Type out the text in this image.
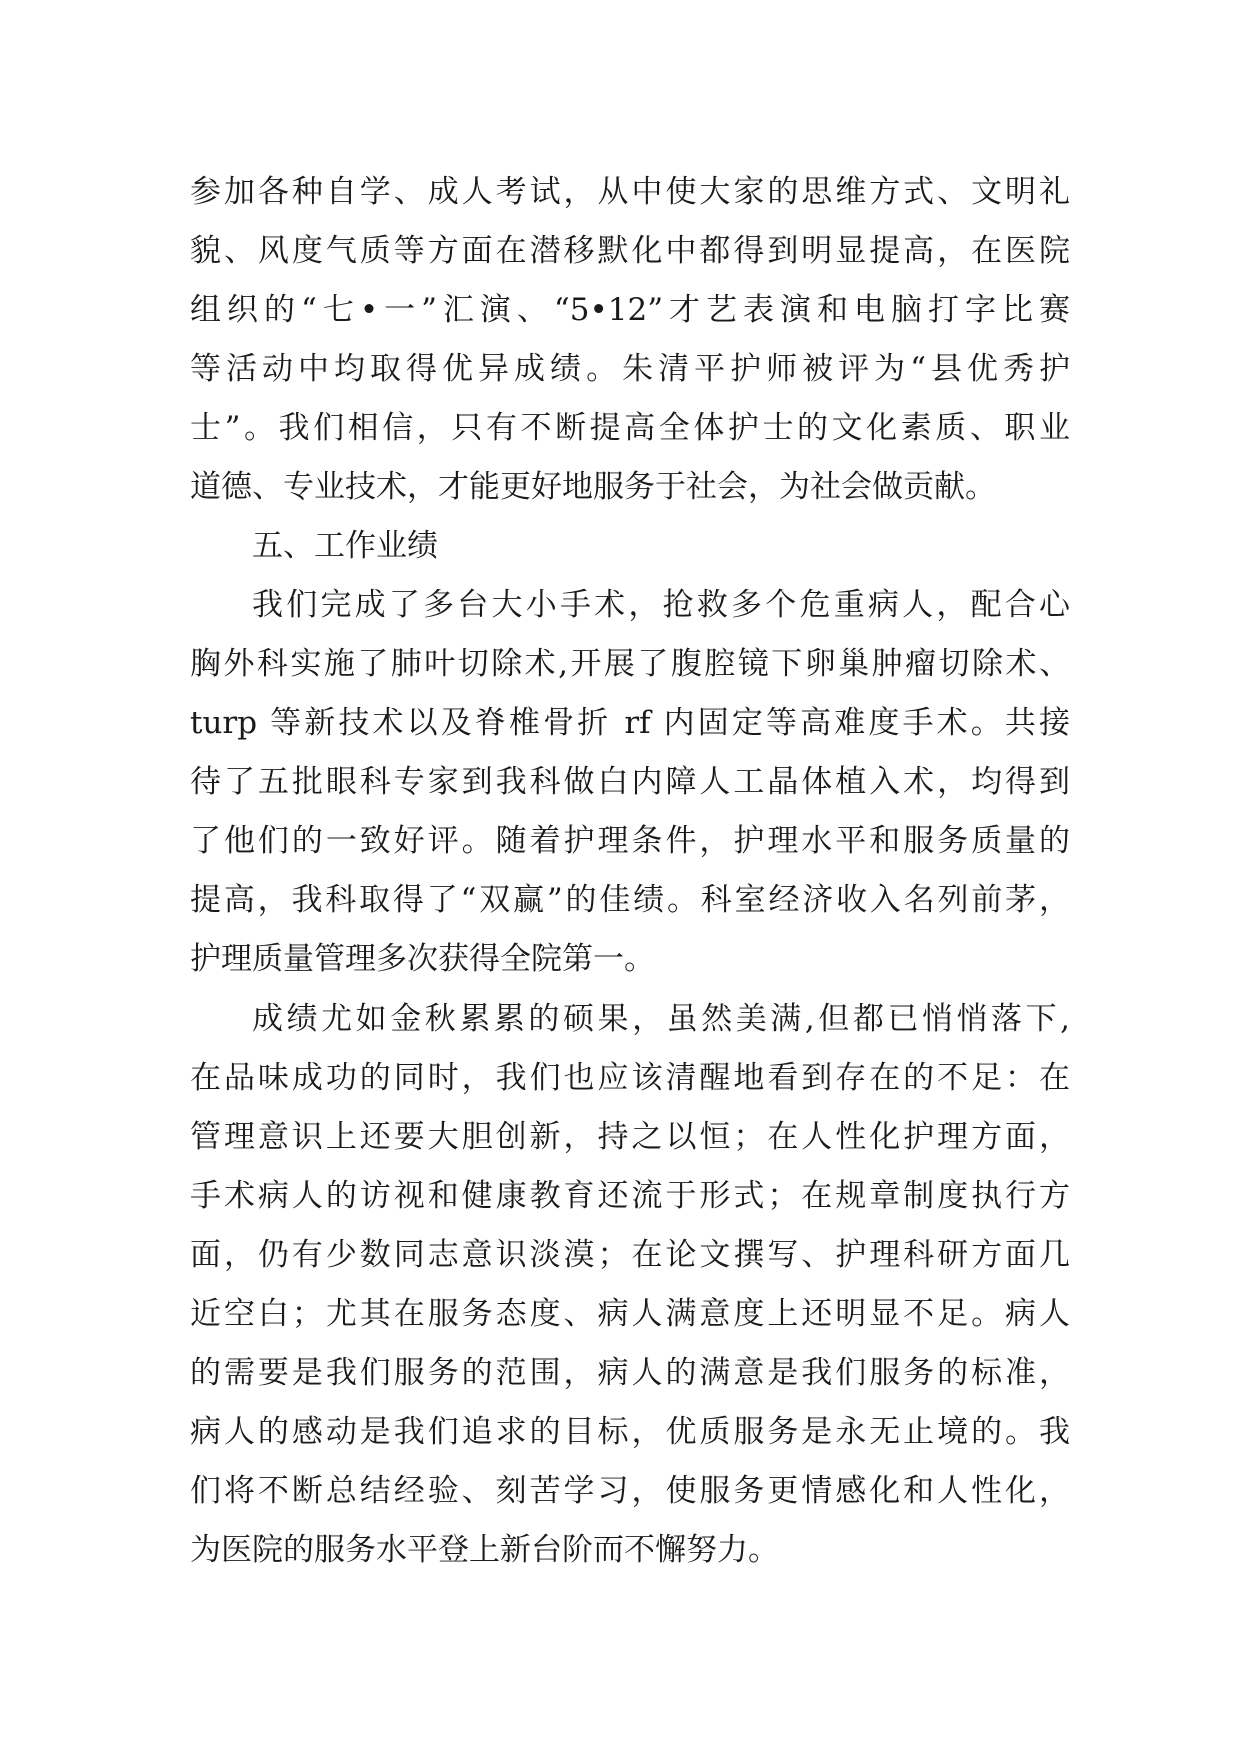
参加各种自学、成人考试，从中使大家的思维方式、文明礼
貌、风度气质等方面在潜移默化中都得到明显提高，在医院
组织的“七•一”汇演、“5•12”才艺表演和电脑打字比赛
等活动中均取得优异成绩。朱清平护师被评为“县优秀护
士”。我们相信，只有不断提高全体护士的文化素质、职业
道德、专业技术，才能更好地服务于社会，为社会做贡献。
五、工作业绩
我们完成了多台大小手术，抢救多个危重病人，配合心
胸外科实施了肺叶切除术,开展了腹腔镜下卵巢肿瘤切除术、
turp 等新技术以及脊椎骨折 rf 内固定等高难度手术。共接
待了五批眼科专家到我科做白内障人工晶体植入术，均得到
了他们的一致好评。随着护理条件，护理水平和服务质量的
提高，我科取得了“双赢”的佳绩。科室经济收入名列前茅，
护理质量管理多次获得全院第一。
成绩尤如金秋累累的硕果，虽然美满,但都已悄悄落下,
在品味成功的同时，我们也应该清醒地看到存在的不足：在
管理意识上还要大胆创新，持之以恒；在人性化护理方面，
手术病人的访视和健康教育还流于形式；在规章制度执行方
面，仍有少数同志意识淡漠；在论文撰写、护理科研方面几
近空白；尤其在服务态度、病人满意度上还明显不足。病人
的需要是我们服务的范围，病人的满意是我们服务的标准，
病人的感动是我们追求的目标，优质服务是永无止境的。我
们将不断总结经验、刻苦学习，使服务更情感化和人性化，
为医院的服务水平登上新台阶而不懈努力。
